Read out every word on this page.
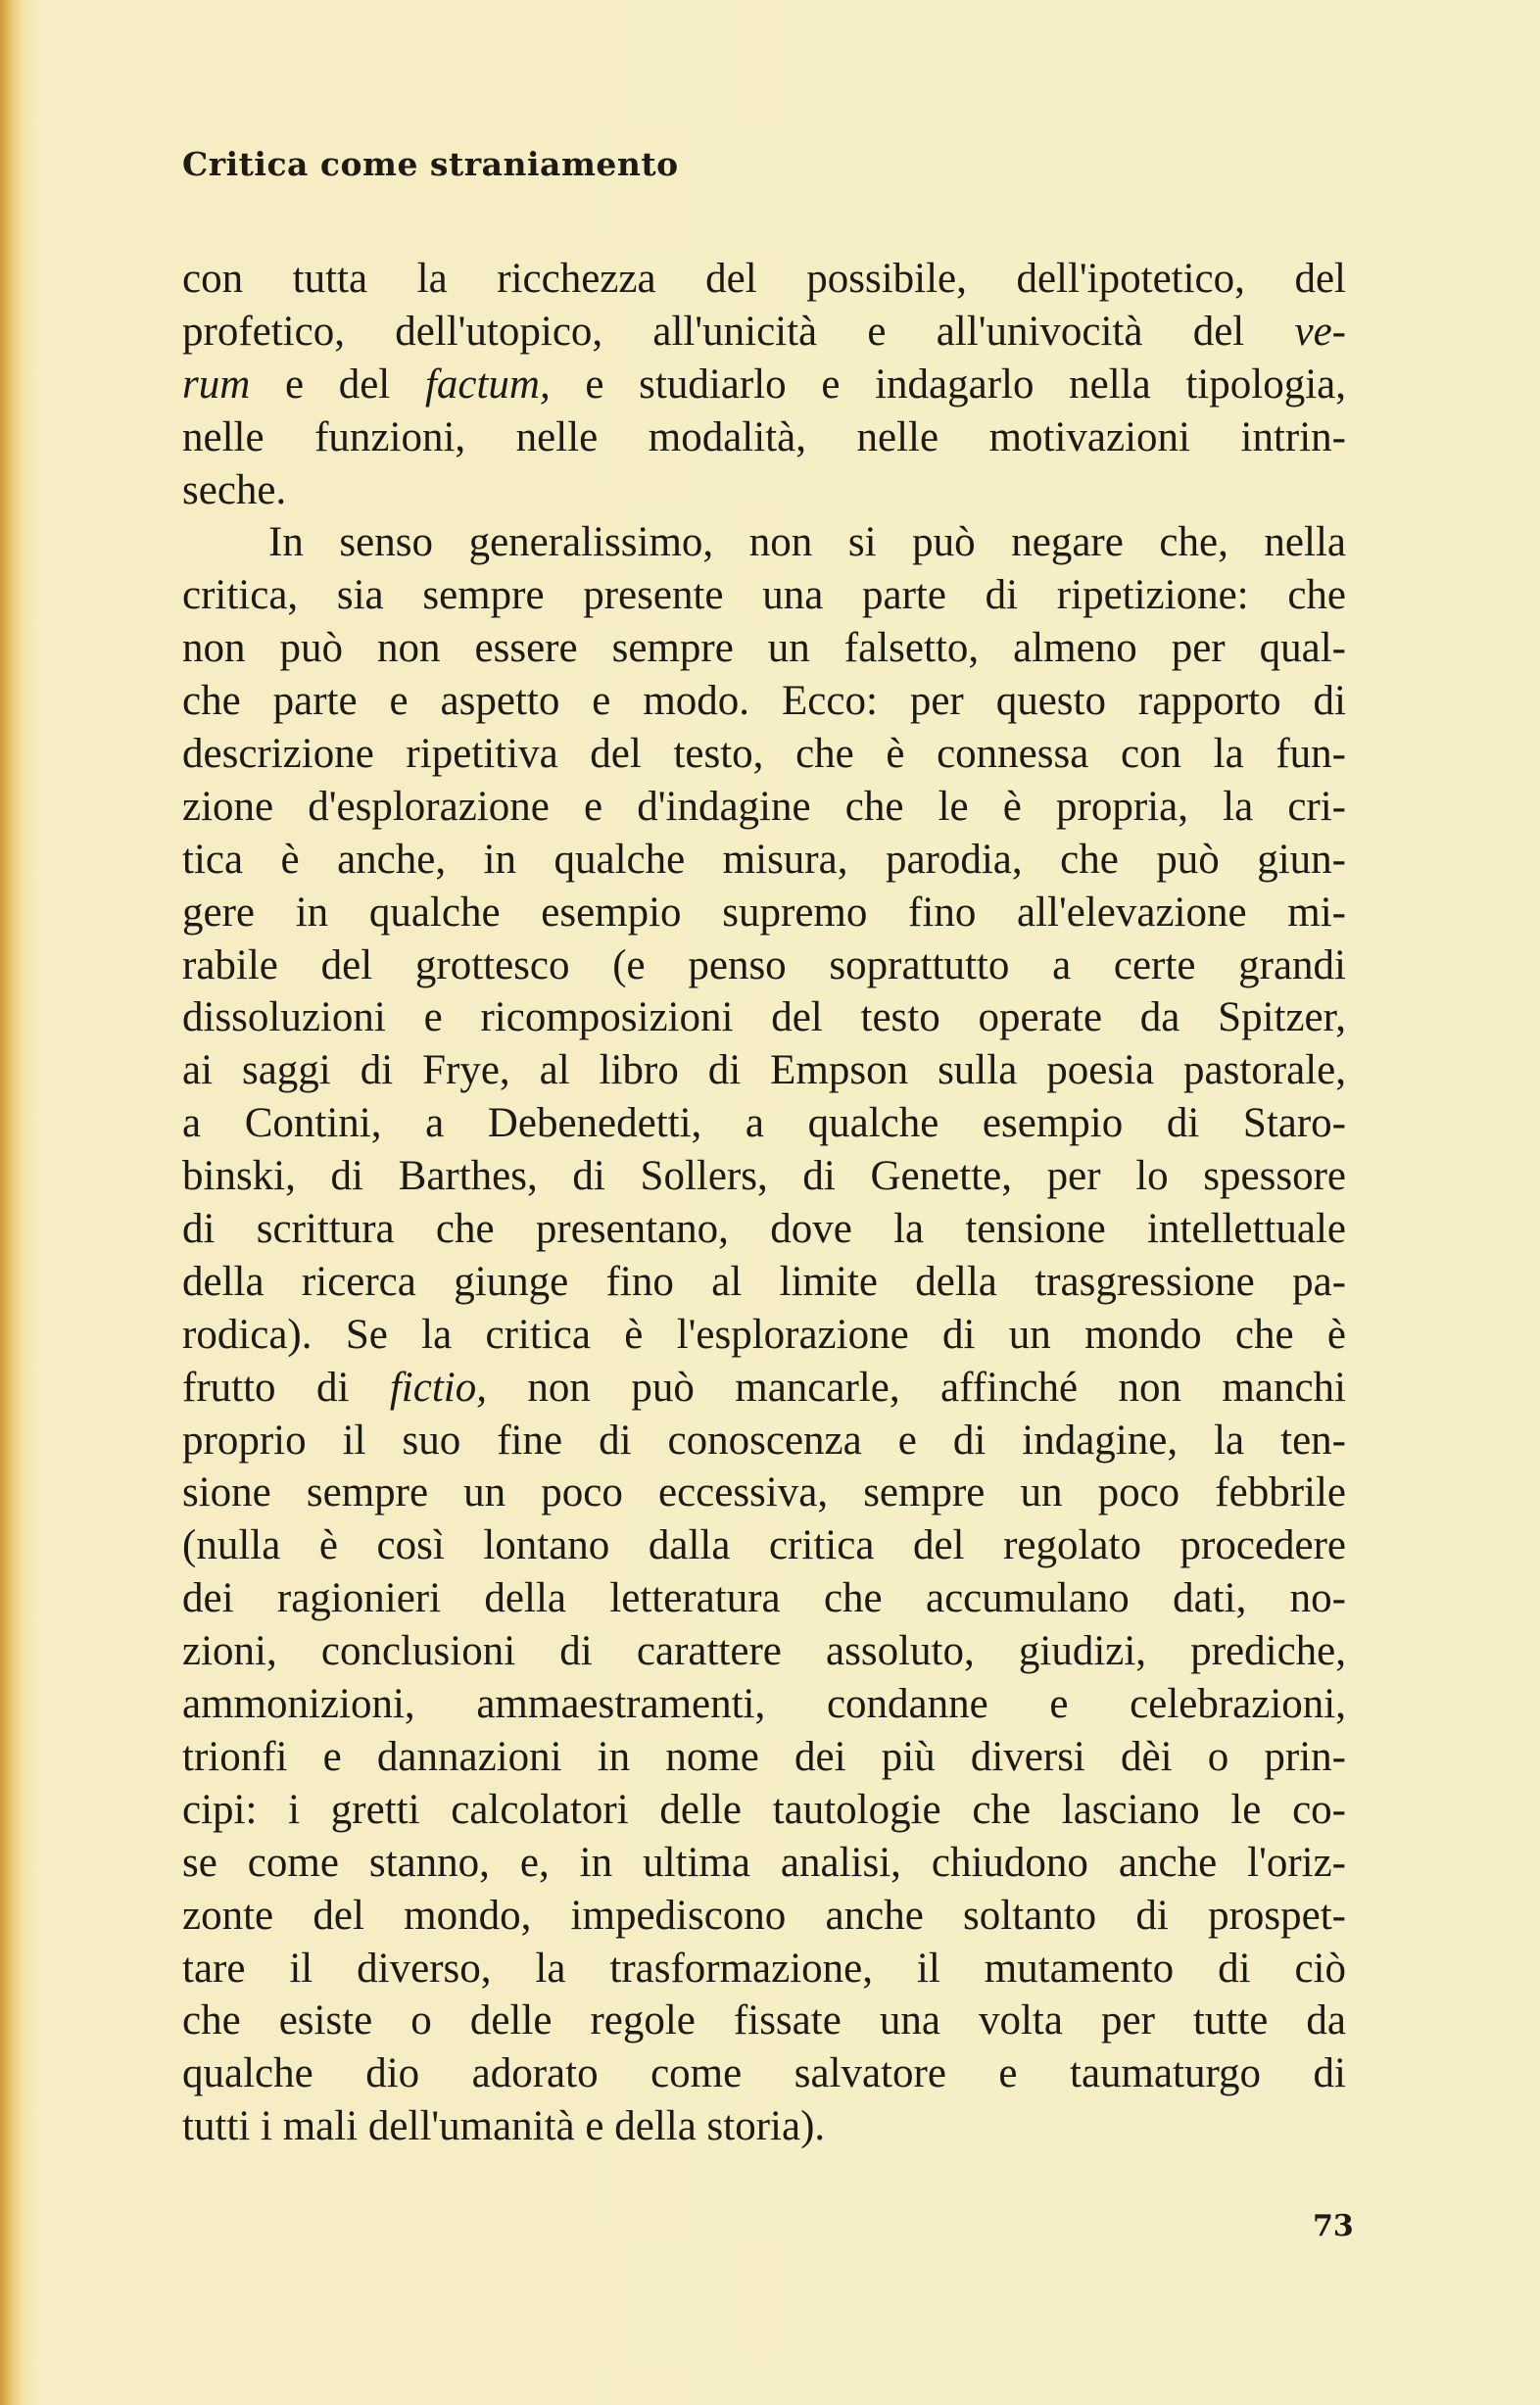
Critica come straniamento
con tutta la ricchezza del possibile, dell'ipotetico, del
profetico, dell'utopico, all'unicità e all'univocità del ve-
rum e del factum, e studiarlo e indagarlo nella tipologia,
nelle funzioni, nelle modalità, nelle motivazioni intrin-
seche.
In senso generalissimo, non si può negare che, nella
critica, sia sempre presente una parte di ripetizione: che
non può non essere sempre un falsetto, almeno per qual-
che parte e aspetto e modo. Ecco: per questo rapporto di
descrizione ripetitiva del testo, che è connessa con la fun-
zione d'esplorazione e d'indagine che le è propria, la cri-
tica è anche, in qualche misura, parodia, che può giun-
gere in qualche esempio supremo fino all'elevazione mi-
rabile del grottesco (e penso soprattutto a certe grandi
dissoluzioni e ricomposizioni del testo operate da Spitzer,
ai saggi di Frye, al libro di Empson sulla poesia pastorale,
a Contini, a Debenedetti, a qualche esempio di Staro-
binski, di Barthes, di Sollers, di Genette, per lo spessore
di scrittura che presentano, dove la tensione intellettuale
della ricerca giunge fino al limite della trasgressione pa-
rodica). Se la critica è l'esplorazione di un mondo che è
frutto di fictio, non può mancarle, affinché non manchi
proprio il suo fine di conoscenza e di indagine, la ten-
sione sempre un poco eccessiva, sempre un poco febbrile
(nulla è così lontano dalla critica del regolato procedere
dei ragionieri della letteratura che accumulano dati, no-
zioni, conclusioni di carattere assoluto, giudizi, prediche,
ammonizioni, ammaestramenti, condanne e celebrazioni,
trionfi e dannazioni in nome dei più diversi dèi o prin-
cipi: i gretti calcolatori delle tautologie che lasciano le co-
se come stanno, e, in ultima analisi, chiudono anche l'oriz-
zonte del mondo, impediscono anche soltanto di prospet-
tare il diverso, la trasformazione, il mutamento di ciò
che esiste o delle regole fissate una volta per tutte da
qualche dio adorato come salvatore e taumaturgo di
tutti i mali dell'umanità e della storia).
73
